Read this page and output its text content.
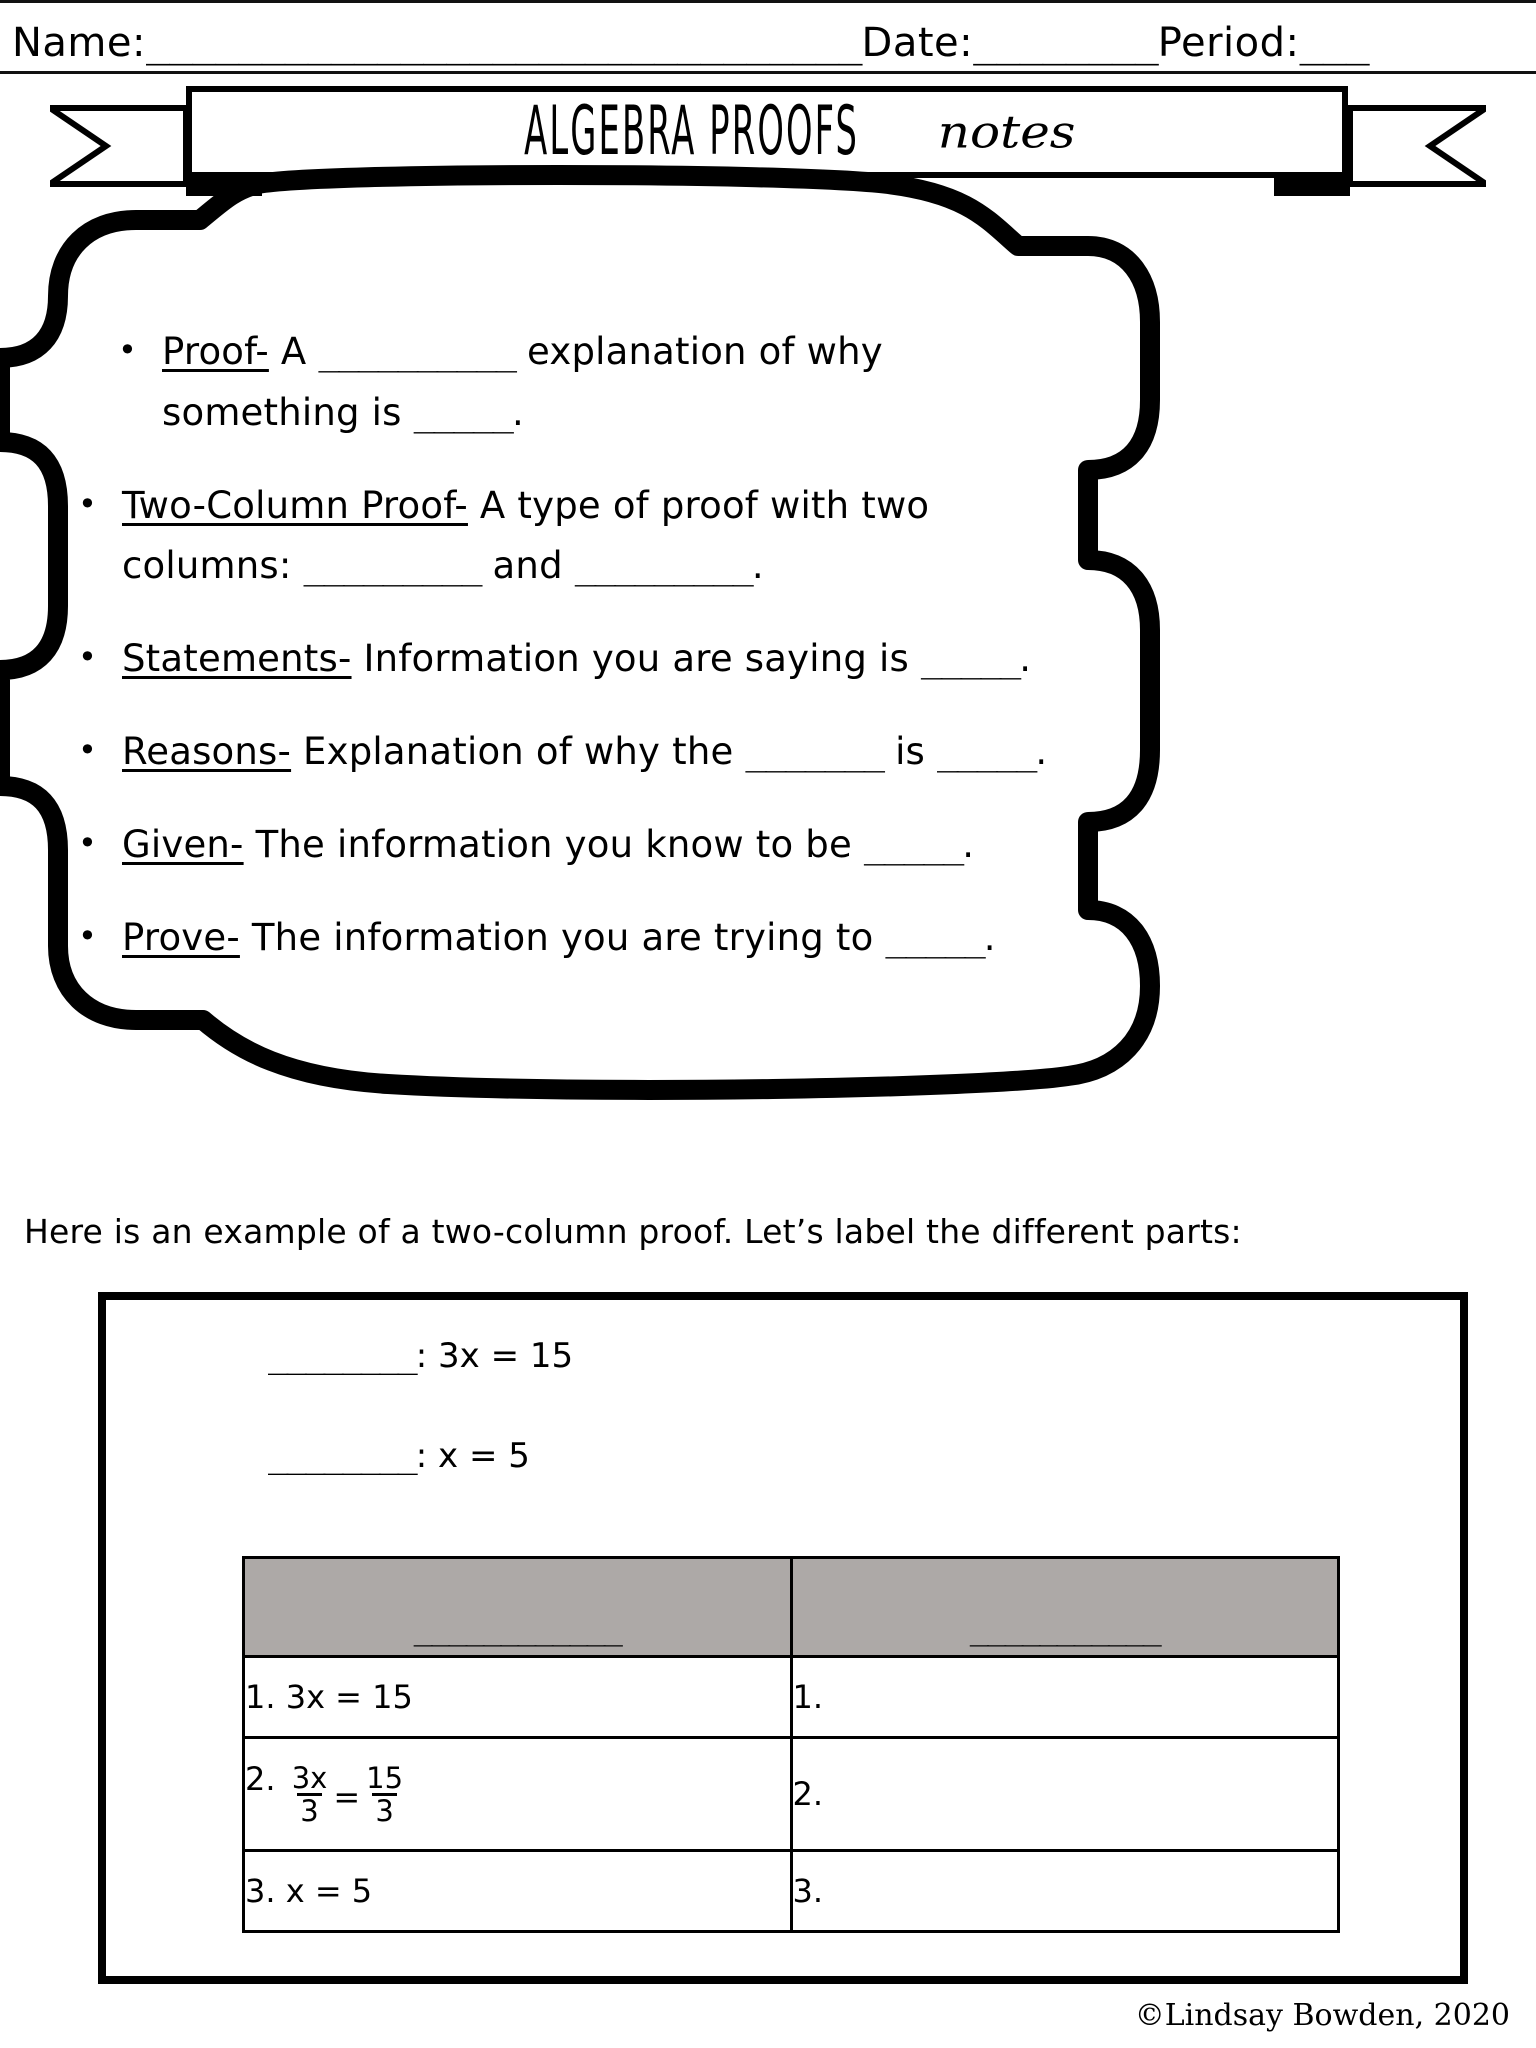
Name: _______________________________ Date: ________ Period: ___
ALGEBRA PROOFS notes
• Proof- A __________ explanation of why something is _____.
• Two-Column Proof- A type of proof with two columns: _________ and _________.
• Statements- Information you are saying is _____.
• Reasons- Explanation of why the _______ is _____.
• Given- The information you know to be _____.
• Prove- The information you are trying to _____.
Here is an example of a two-column proof. Let’s label the different parts:
________: 3x = 15
________: x = 5
____________	___________
1. 3x = 15	1.
2. $\frac{3x}{3} = \frac{15}{3}$	2.
3. x = 5	3.
©Lindsay Bowden, 2020
